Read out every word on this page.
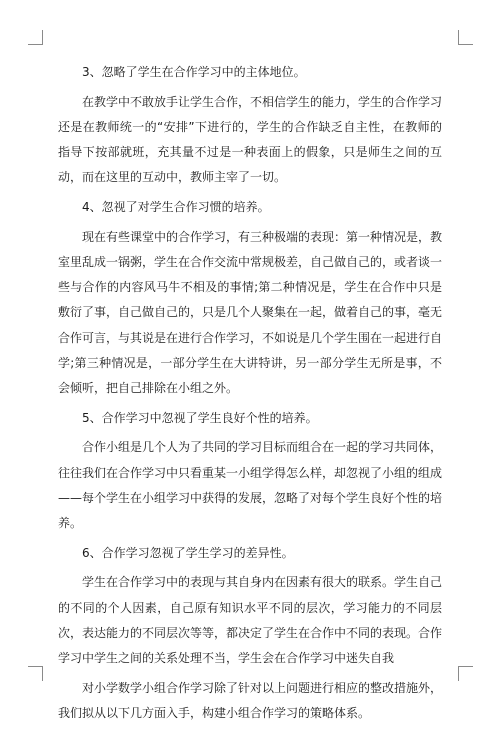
3、忽略了学生在合作学习中的主体地位。

在教学中不敢放手让学生合作，不相信学生的能力，学生的合作学习还是在教师统一的“安排”下进行的，学生的合作缺乏自主性，在教师的指导下按部就班，充其量不过是一种表面上的假象，只是师生之间的互动，而在这里的互动中，教师主宰了一切。

4、忽视了对学生合作习惯的培养。

现在有些课堂中的合作学习，有三种极端的表现：第一种情况是，教室里乱成一锅粥，学生在合作交流中常规极差，自己做自己的，或者谈一些与合作的内容风马牛不相及的事情;第二种情况是，学生在合作中只是敷衍了事，自己做自己的，只是几个人聚集在一起，做着自己的事，毫无合作可言，与其说是在进行合作学习，不如说是几个学生围在一起进行自学;第三种情况是，一部分学生在大讲特讲，另一部分学生无所是事，不会倾听，把自己排除在小组之外。

5、合作学习中忽视了学生良好个性的培养。

合作小组是几个人为了共同的学习目标而组合在一起的学习共同体，往往我们在合作学习中只看重某一小组学得怎么样，却忽视了小组的组成——每个学生在小组学习中获得的发展，忽略了对每个学生良好个性的培养。

6、合作学习忽视了学生学习的差异性。

学生在合作学习中的表现与其自身内在因素有很大的联系。学生自己的不同的个人因素，自己原有知识水平不同的层次，学习能力的不同层次，表达能力的不同层次等等，都决定了学生在合作中不同的表现。合作学习中学生之间的关系处理不当，学生会在合作学习中迷失自我

对小学数学小组合作学习除了针对以上问题进行相应的整改措施外，我们拟从以下几方面入手，构建小组合作学习的策略体系。
